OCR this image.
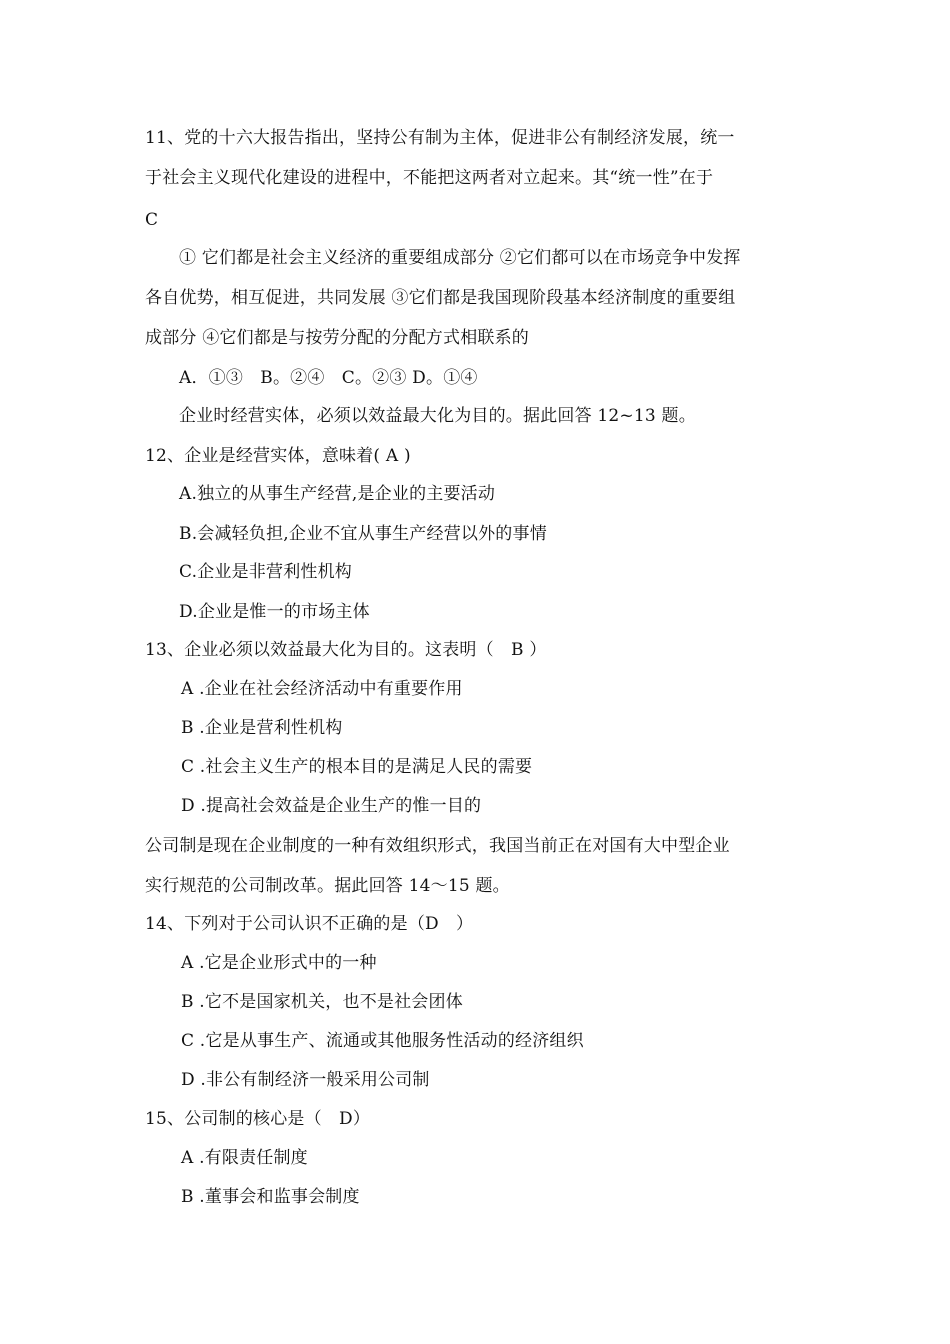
11、党的十六大报告指出，坚持公有制为主体，促进非公有制经济发展，统一
于社会主义现代化建设的进程中，不能把这两者对立起来。其“统一性”在于
C
① 它们都是社会主义经济的重要组成部分 ②它们都可以在市场竞争中发挥
各自优势，相互促进，共同发展 ③它们都是我国现阶段基本经济制度的重要组
成部分 ④它们都是与按劳分配的分配方式相联系的
A．①③　B。②④　C。②③ D。①④
企业时经营实体，必须以效益最大化为目的。据此回答 12~13 题。
12、企业是经营实体，意味着( A )
A.独立的从事生产经营,是企业的主要活动
B.会减轻负担,企业不宜从事生产经营以外的事情
C.企业是非营利性机构
D.企业是惟一的市场主体
13、企业必须以效益最大化为目的。这表明（　B ）
A .企业在社会经济活动中有重要作用
B .企业是营利性机构
C .社会主义生产的根本目的是满足人民的需要
D .提高社会效益是企业生产的惟一目的
公司制是现在企业制度的一种有效组织形式，我国当前正在对国有大中型企业
实行规范的公司制改革。据此回答 14～15 题。
14、下列对于公司认识不正确的是（D　）
A .它是企业形式中的一种
B .它不是国家机关，也不是社会团体
C .它是从事生产、流通或其他服务性活动的经济组织
D .非公有制经济一般采用公司制
15、公司制的核心是（　D）
A .有限责任制度
B .董事会和监事会制度
